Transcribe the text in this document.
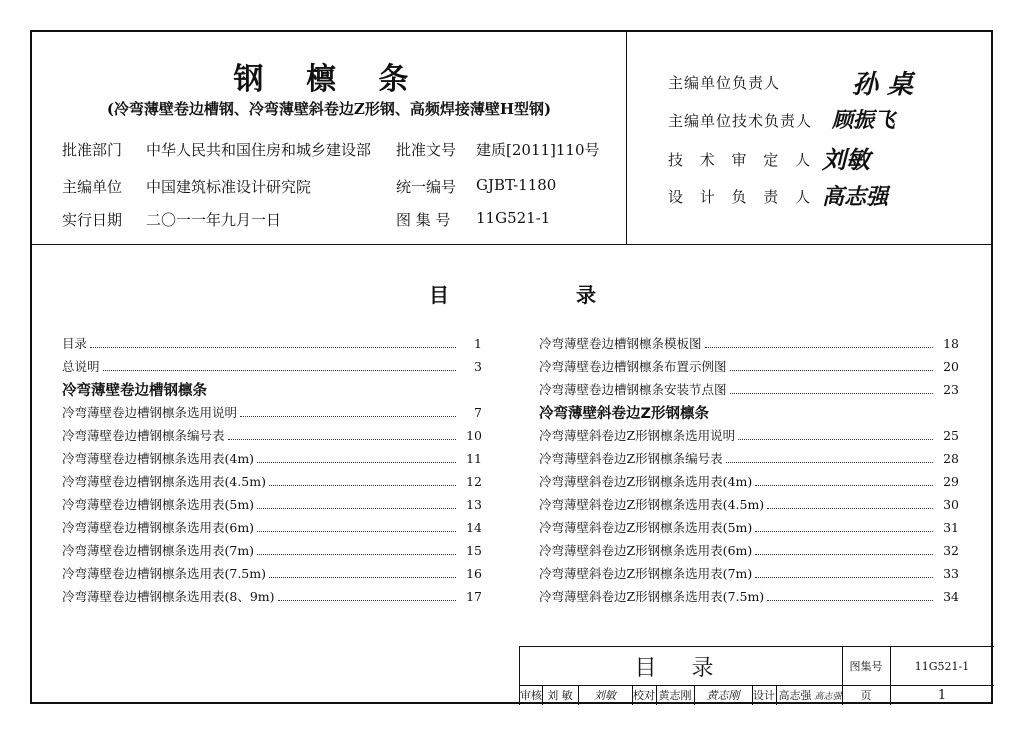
钢 檩 条
(冷弯薄壁卷边槽钢、冷弯薄壁斜卷边Z形钢、高频焊接薄壁H型钢)
批准部门 中华人民共和国住房和城乡建设部 批准文号 建质[2011]110号
主编单位 中国建筑标准设计研究院	统一编号 GJBT-1180
实行日期 二〇一一年九月一日	图 集 号 11G521-1
主编单位负责人	孙 桌
主编单位技术负责人 顾振飞
技 术 审 定 人 刘敏
设 计 负 责 人 高志强
目 录
目录	1
总说明	3
冷弯薄壁卷边槽钢檩条
冷弯薄壁卷边槽钢檩条选用说明	7
冷弯薄壁卷边槽钢檩条编号表	10
冷弯薄壁卷边槽钢檩条选用表(4m)	11
冷弯薄壁卷边槽钢檩条选用表(4.5m)	12
冷弯薄壁卷边槽钢檩条选用表(5m)	13
冷弯薄壁卷边槽钢檩条选用表(6m)	14
冷弯薄壁卷边槽钢檩条选用表(7m)	15
冷弯薄壁卷边槽钢檩条选用表(7.5m)	16
冷弯薄壁卷边槽钢檩条选用表(8、9m)	17
冷弯薄壁卷边槽钢檩条模板图	18
冷弯薄壁卷边槽钢檩条布置示例图	20
冷弯薄壁卷边槽钢檩条安装节点图	23
冷弯薄壁斜卷边Z形钢檩条
冷弯薄壁斜卷边Z形钢檩条选用说明	25
冷弯薄壁斜卷边Z形钢檩条编号表	28
冷弯薄壁斜卷边Z形钢檩条选用表(4m)	29
冷弯薄壁斜卷边Z形钢檩条选用表(4.5m)	30
冷弯薄壁斜卷边Z形钢檩条选用表(5m)	31
冷弯薄壁斜卷边Z形钢檩条选用表(6m)	32
冷弯薄壁斜卷边Z形钢檩条选用表(7m)	33
冷弯薄壁斜卷边Z形钢檩条选用表(7.5m)	34
目 录	图集号	11G521-1
审核 刘 敏	刘敏	校对 黄志刚	黄志刚	设计 高志强 高志强	页	1
